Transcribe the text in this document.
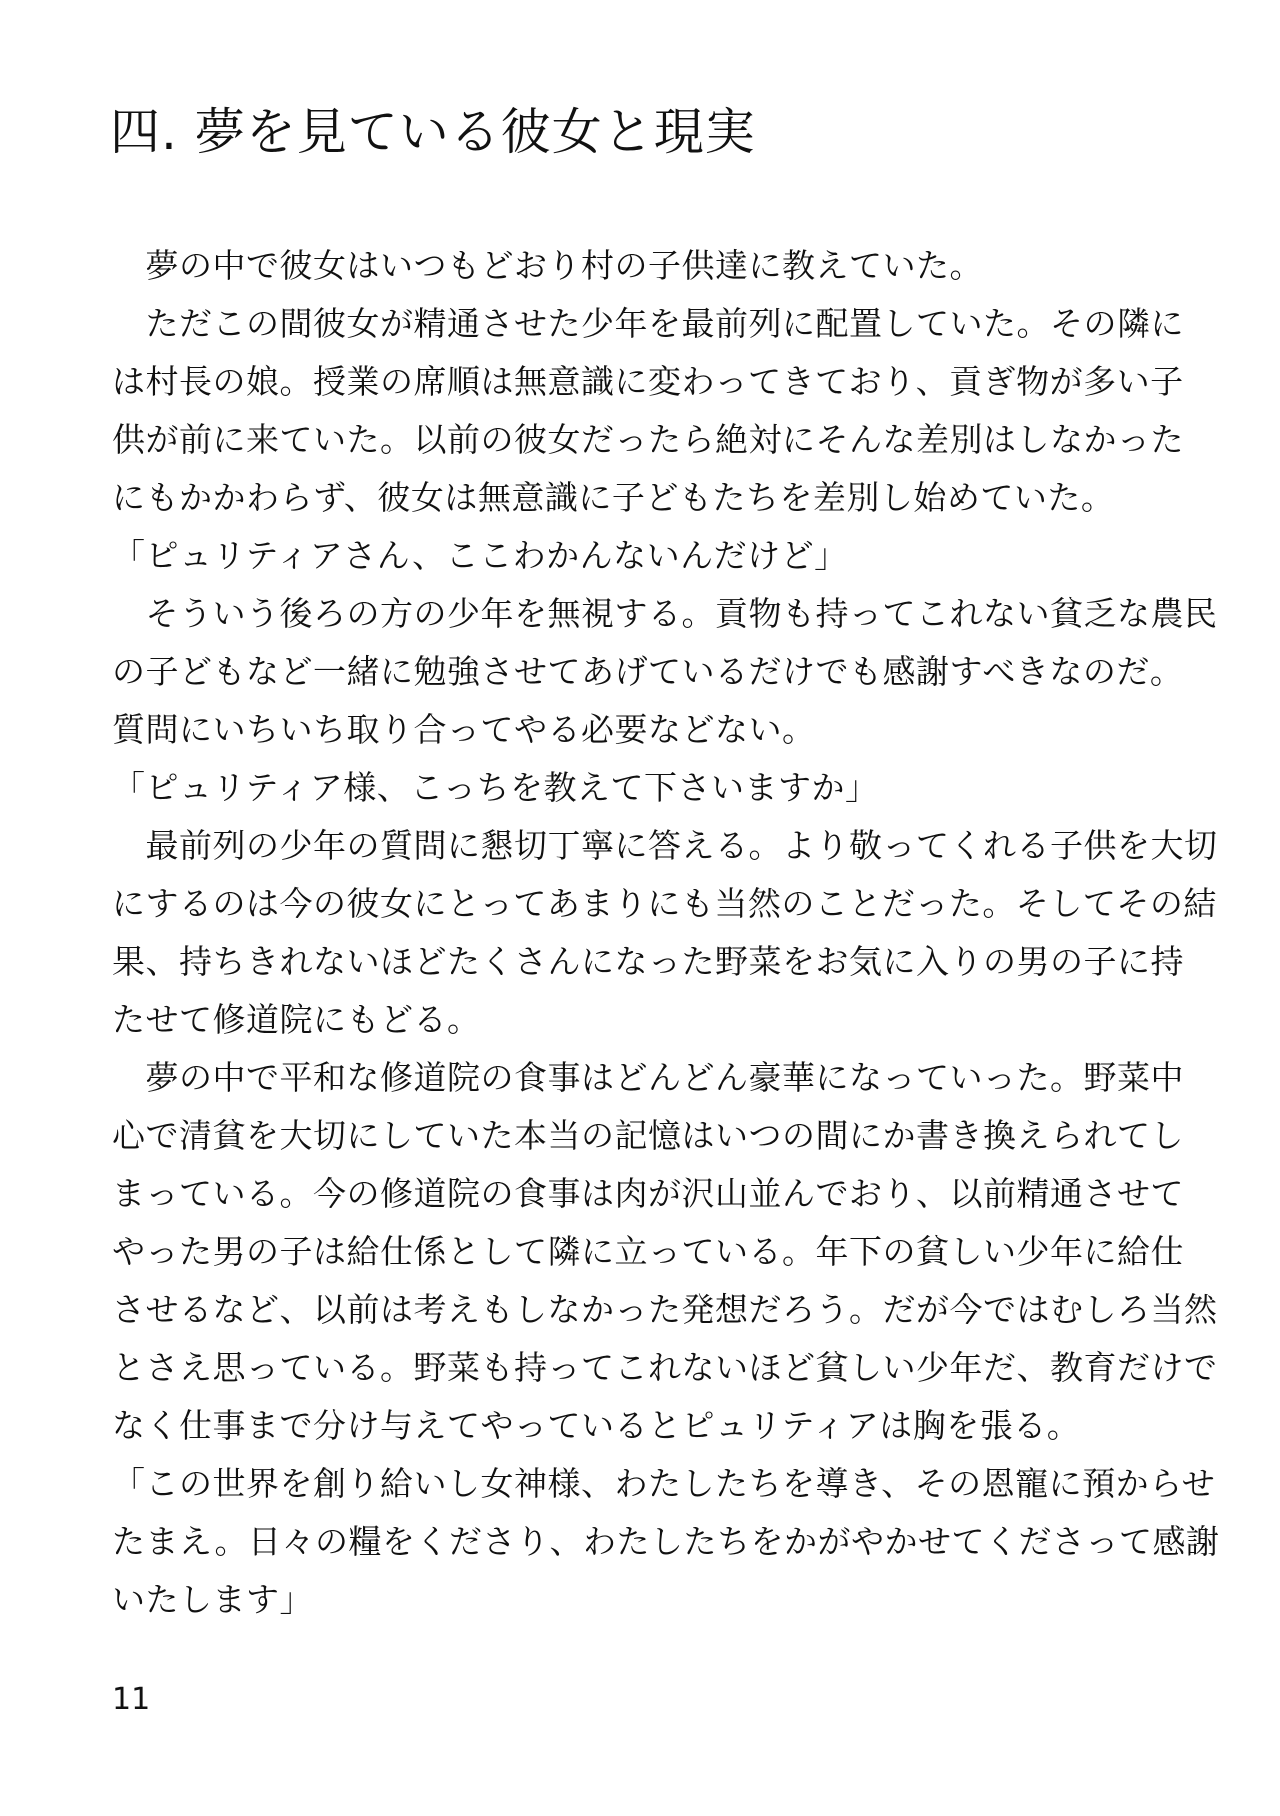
四. 夢を見ている彼女と現実
　夢の中で彼女はいつもどおり村の子供達に教えていた。
　ただこの間彼女が精通させた少年を最前列に配置していた。その隣に
は村長の娘。授業の席順は無意識に変わってきており、貢ぎ物が多い子
供が前に来ていた。以前の彼女だったら絶対にそんな差別はしなかった
にもかかわらず、彼女は無意識に子どもたちを差別し始めていた。
「ピュリティアさん、ここわかんないんだけど」
　そういう後ろの方の少年を無視する。貢物も持ってこれない貧乏な農民
の子どもなど一緒に勉強させてあげているだけでも感謝すべきなのだ。
質問にいちいち取り合ってやる必要などない。
「ピュリティア様、こっちを教えて下さいますか」
　最前列の少年の質問に懇切丁寧に答える。より敬ってくれる子供を大切
にするのは今の彼女にとってあまりにも当然のことだった。そしてその結
果、持ちきれないほどたくさんになった野菜をお気に入りの男の子に持
たせて修道院にもどる。
　夢の中で平和な修道院の食事はどんどん豪華になっていった。野菜中
心で清貧を大切にしていた本当の記憶はいつの間にか書き換えられてし
まっている。今の修道院の食事は肉が沢山並んでおり、以前精通させて
やった男の子は給仕係として隣に立っている。年下の貧しい少年に給仕
させるなど、以前は考えもしなかった発想だろう。だが今ではむしろ当然
とさえ思っている。野菜も持ってこれないほど貧しい少年だ、教育だけで
なく仕事まで分け与えてやっているとピュリティアは胸を張る。
「この世界を創り給いし女神様、わたしたちを導き、その恩寵に預からせ
たまえ。日々の糧をくださり、わたしたちをかがやかせてくださって感謝
いたします」
11
